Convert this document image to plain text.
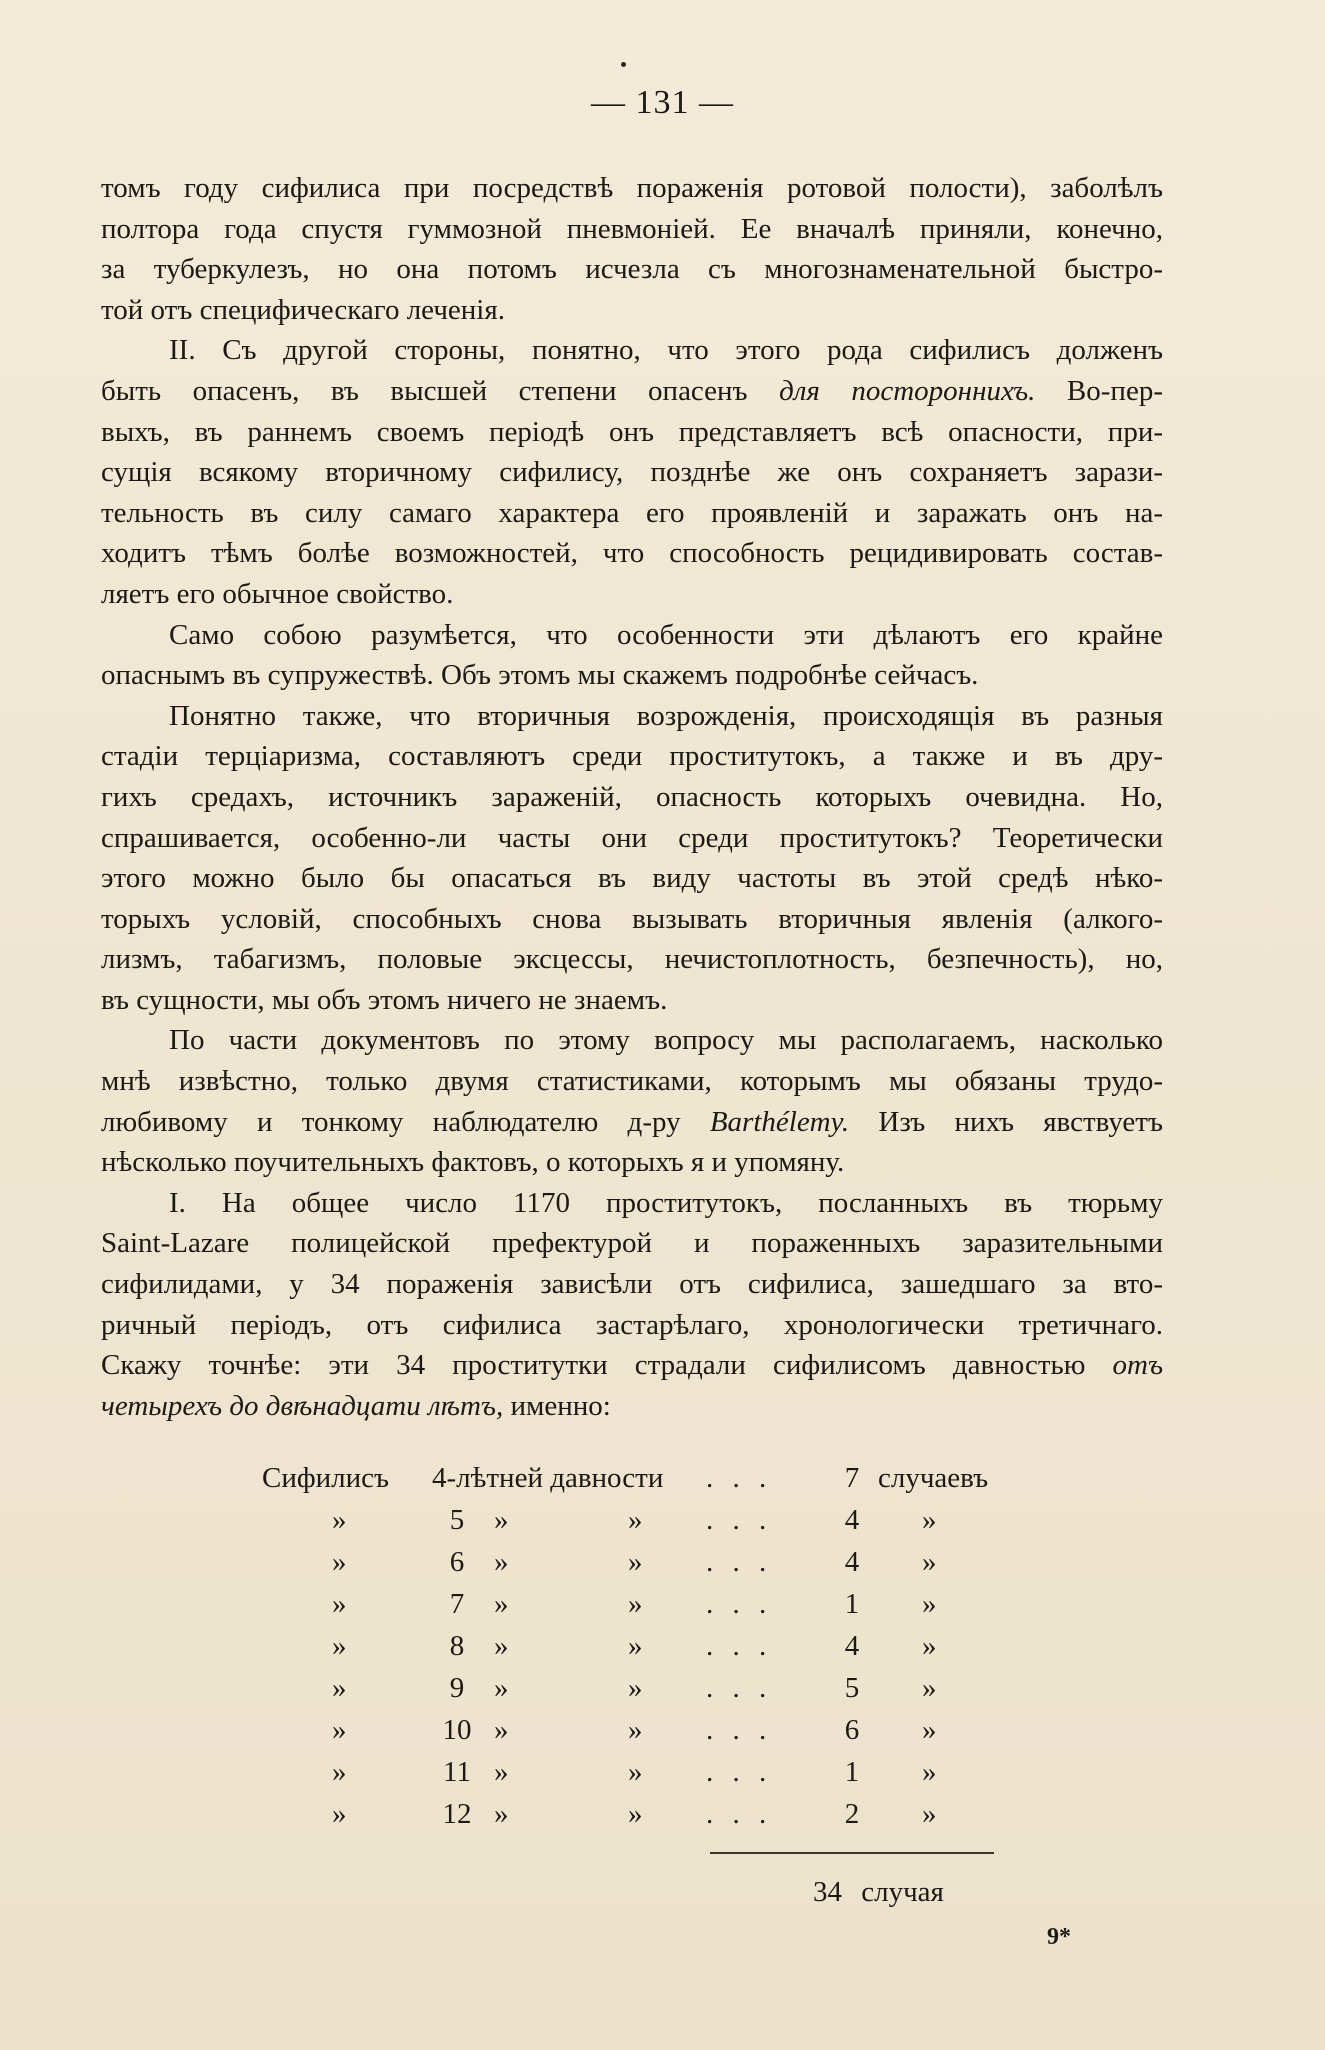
— 131 —
томъ году сифилиса при посредствѣ пораженія ротовой полости), заболѣлъ
полтора года спустя гуммозной пневмоніей. Ее вначалѣ приняли, конечно,
за туберкулезъ, но она потомъ исчезла съ многознаменательной быстро-
той отъ специфическаго леченія.
II. Съ другой стороны, понятно, что этого рода сифилисъ долженъ
быть опасенъ, въ высшей степени опасенъ для постороннихъ. Во-пер-
выхъ, въ раннемъ своемъ періодѣ онъ представляетъ всѣ опасности, при-
сущія всякому вторичному сифилису, позднѣе же онъ сохраняетъ зарази-
тельность въ силу самаго характера его проявленій и заражать онъ на-
ходитъ тѣмъ болѣе возможностей, что способность рецидивировать состав-
ляетъ его обычное свойство.
Само собою разумѣется, что особенности эти дѣлаютъ его крайне
опаснымъ въ супружествѣ. Объ этомъ мы скажемъ подробнѣе сейчасъ.
Понятно также, что вторичныя возрожденія, происходящія въ разныя
стадіи терціаризма, составляютъ среди проститутокъ, а также и въ дру-
гихъ средахъ, источникъ зараженій, опасность которыхъ очевидна. Но,
спрашивается, особенно-ли часты они среди проститутокъ? Теоретически
этого можно было бы опасаться въ виду частоты въ этой средѣ нѣко-
торыхъ условій, способныхъ снова вызывать вторичныя явленія (алкого-
лизмъ, табагизмъ, половые эксцессы, нечистоплотность, безпечность), но,
въ сущности, мы объ этомъ ничего не знаемъ.
По части документовъ по этому вопросу мы располагаемъ, насколько
мнѣ извѣстно, только двумя статистиками, которымъ мы обязаны трудо-
любивому и тонкому наблюдателю д-ру Barthélemy. Изъ нихъ явствуетъ
нѣсколько поучительныхъ фактовъ, о которыхъ я и упомяну.
I. На общее число 1170 проститутокъ, посланныхъ въ тюрьму
Saint-Lazare полицейской префектурой и пораженныхъ заразительными
сифилидами, у 34 пораженія зависѣли отъ сифилиса, зашедшаго за вто-
ричный періодъ, отъ сифилиса застарѣлаго, хронологически третичнаго.
Скажу точнѣе: эти 34 проститутки страдали сифилисомъ давностью отъ
четырехъ до двѣнадцати лѣтъ, именно:
Сифилисъ	4-лѣтней давности . . .	7 случаевъ
»	5	»	»	. . .	4	»
»	6	»	»	. . .	4	»
»	7	»	»	. . .	1	»
»	8	»	»	. . .	4	»
»	9	»	»	. . .	5	»
»	10 »	»	. . .	6	»
»	11 »	»	. . .	1	»
»	12 »	»	. . .	2	»
34 случая
9*
